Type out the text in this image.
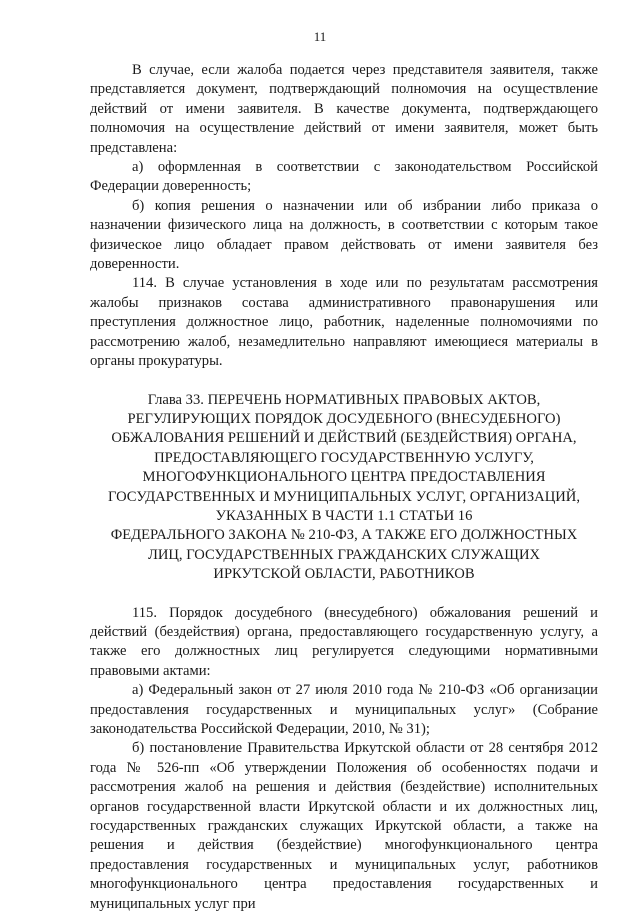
11

В случае, если жалоба подается через представителя заявителя, также представляется документ, подтверждающий полномочия на осуществление действий от имени заявителя. В качестве документа, подтверждающего полномочия на осуществление действий от имени заявителя, может быть представлена:

а) оформленная в соответствии с законодательством Российской Федерации доверенность;

б) копия решения о назначении или об избрании либо приказа о назначении физического лица на должность, в соответствии с которым такое физическое лицо обладает правом действовать от имени заявителя без доверенности.

114. В случае установления в ходе или по результатам рассмотрения жалобы признаков состава административного правонарушения или преступления должностное лицо, работник, наделенные полномочиями по рассмотрению жалоб, незамедлительно направляют имеющиеся материалы в органы прокуратуры.

Глава 33. ПЕРЕЧЕНЬ НОРМАТИВНЫХ ПРАВОВЫХ АКТОВ,
РЕГУЛИРУЮЩИХ ПОРЯДОК ДОСУДЕБНОГО (ВНЕСУДЕБНОГО)
ОБЖАЛОВАНИЯ РЕШЕНИЙ И ДЕЙСТВИЙ (БЕЗДЕЙСТВИЯ) ОРГАНА,
ПРЕДОСТАВЛЯЮЩЕГО ГОСУДАРСТВЕННУЮ УСЛУГУ,
МНОГОФУНКЦИОНАЛЬНОГО ЦЕНТРА ПРЕДОСТАВЛЕНИЯ
ГОСУДАРСТВЕННЫХ И МУНИЦИПАЛЬНЫХ УСЛУГ, ОРГАНИЗАЦИЙ,
УКАЗАННЫХ В ЧАСТИ 1.1 СТАТЬИ 16
ФЕДЕРАЛЬНОГО ЗАКОНА № 210-ФЗ, А ТАКЖЕ ЕГО ДОЛЖНОСТНЫХ
ЛИЦ, ГОСУДАРСТВЕННЫХ ГРАЖДАНСКИХ СЛУЖАЩИХ
ИРКУТСКОЙ ОБЛАСТИ, РАБОТНИКОВ

115. Порядок досудебного (внесудебного) обжалования решений и действий (бездействия) органа, предоставляющего государственную услугу, а также его должностных лиц регулируется следующими нормативными правовыми актами:

а) Федеральный закон от 27 июля 2010 года № 210-ФЗ «Об организации предоставления государственных и муниципальных услуг» (Собрание законодательства Российской Федерации, 2010, № 31);

б) постановление Правительства Иркутской области от 28 сентября 2012 года № 526-пп «Об утверждении Положения об особенностях подачи и рассмотрения жалоб на решения и действия (бездействие) исполнительных органов государственной власти Иркутской области и их должностных лиц, государственных гражданских служащих Иркутской области, а также на решения и действия (бездействие) многофункционального центра предоставления государственных и муниципальных услуг, работников многофункционального центра предоставления государственных и муниципальных услуг при
